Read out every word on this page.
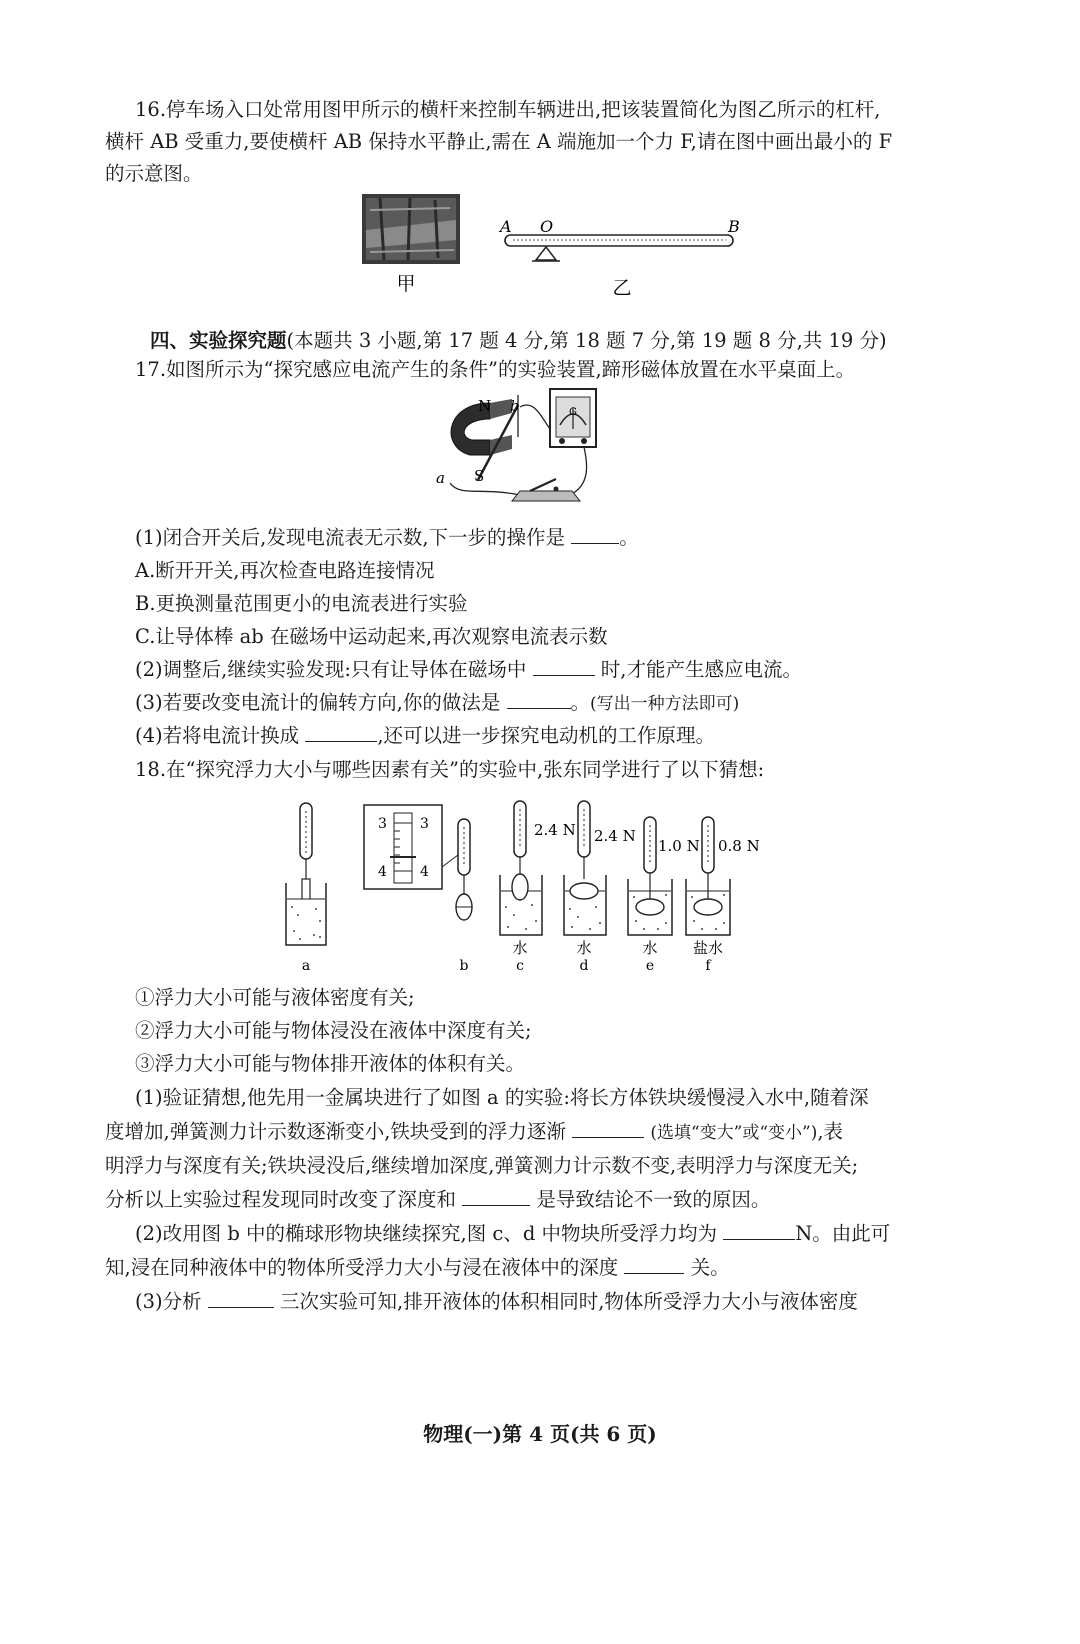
16.停车场入口处常用图甲所示的横杆来控制车辆进出,把该装置简化为图乙所示的杠杆,
横杆 AB 受重力,要使横杆 AB 保持水平静止,需在 A 端施加一个力 F,请在图中画出最小的 F
的示意图。
甲
A O	B
乙
四、实验探究题(本题共 3 小题,第 17 题 4 分,第 18 题 7 分,第 19 题 8 分,共 19 分)
17.如图所示为“探究感应电流产生的条件”的实验装置,蹄形磁体放置在水平桌面上。
N b
S
a
G
(1)闭合开关后,发现电流表无示数,下一步的操作是	。
A.断开开关,再次检查电路连接情况
B.更换测量范围更小的电流表进行实验
C.让导体棒 ab 在磁场中运动起来,再次观察电流表示数
(2)调整后,继续实验发现:只有让导体在磁场中	时,才能产生感应电流。
(3)若要改变电流计的偏转方向,你的做法是	。(写出一种方法即可)
(4)若将电流计换成	,还可以进一步探究电动机的工作原理。
18.在“探究浮力大小与哪些因素有关”的实验中,张东同学进行了以下猜想:
a
3 3
4 4
b
2.4 N
水
c
2.4 N
水
d
1.0 N
水
e
0.8 N
盐水
f
①浮力大小可能与液体密度有关;
②浮力大小可能与物体浸没在液体中深度有关;
③浮力大小可能与物体排开液体的体积有关。
(1)验证猜想,他先用一金属块进行了如图 a 的实验:将长方体铁块缓慢浸入水中,随着深
度增加,弹簧测力计示数逐渐变小,铁块受到的浮力逐渐	(选填“变大”或“变小”),表
明浮力与深度有关;铁块浸没后,继续增加深度,弹簧测力计示数不变,表明浮力与深度无关;
分析以上实验过程发现同时改变了深度和	是导致结论不一致的原因。
(2)改用图 b 中的椭球形物块继续探究,图 c、d 中物块所受浮力均为	N。由此可
知,浸在同种液体中的物体所受浮力大小与浸在液体中的深度	关。
(3)分析	三次实验可知,排开液体的体积相同时,物体所受浮力大小与液体密度
物理(一)第 4 页(共 6 页)
